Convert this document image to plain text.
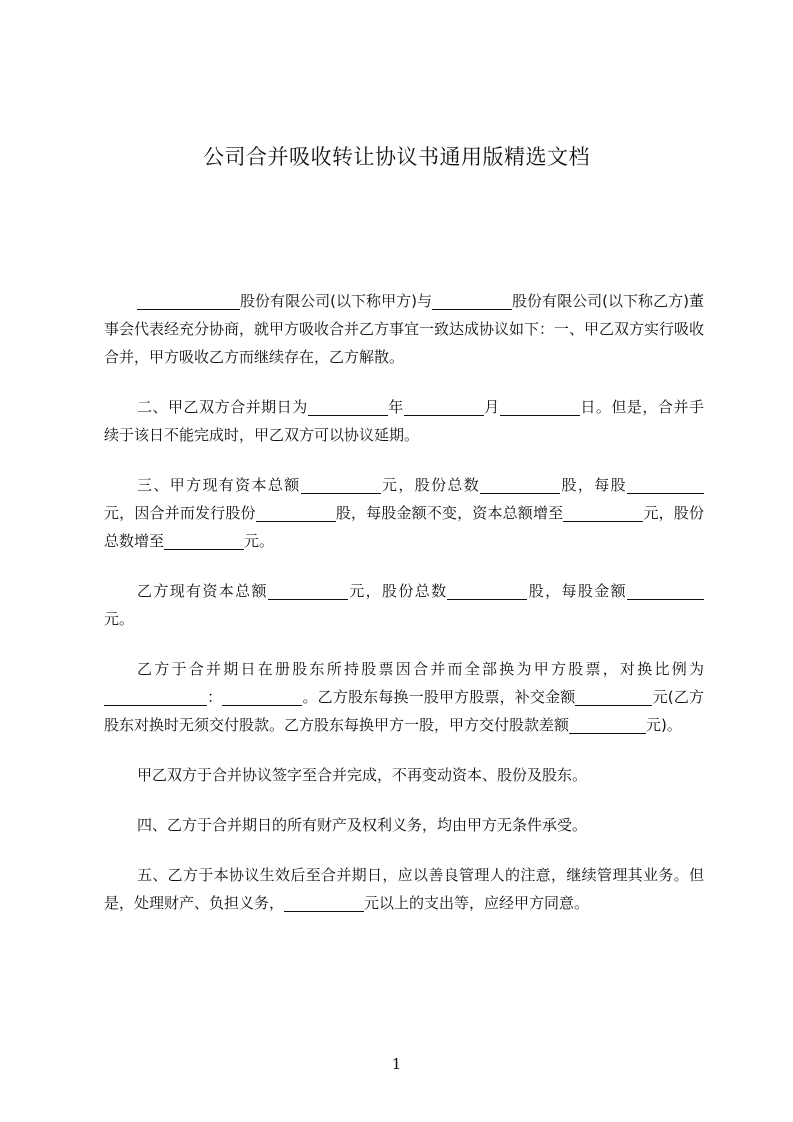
公司合并吸收转让协议书通用版精选文档

股份有限公司(以下称甲方)与	股份有限公司(以下称乙方)董事会代表经充分协商，就甲方吸收合并乙方事宜一致达成协议如下：一、甲乙双方实行吸收合并，甲方吸收乙方而继续存在，乙方解散。

二、甲乙双方合并期日为	年	月	日。但是，合并手续于该日不能完成时，甲乙双方可以协议延期。

三、甲方现有资本总额	元，股份总数	股，每股元，因合并而发行股份	股，每股金额不变，资本总额增至	元，股份总数增至	元。

乙方现有资本总额	元，股份总数	股，每股金额元。

乙方于合并期日在册股东所持股票因合并而全部换为甲方股票，对换比例为：	。乙方股东每换一股甲方股票，补交金额	元(乙方股东对换时无须交付股款。乙方股东每换甲方一股，甲方交付股款差额	元)。

甲乙双方于合并协议签字至合并完成，不再变动资本、股份及股东。

四、乙方于合并期日的所有财产及权利义务，均由甲方无条件承受。

五、乙方于本协议生效后至合并期日，应以善良管理人的注意，继续管理其业务。但是，处理财产、负担义务，	元以上的支出等，应经甲方同意。

1
